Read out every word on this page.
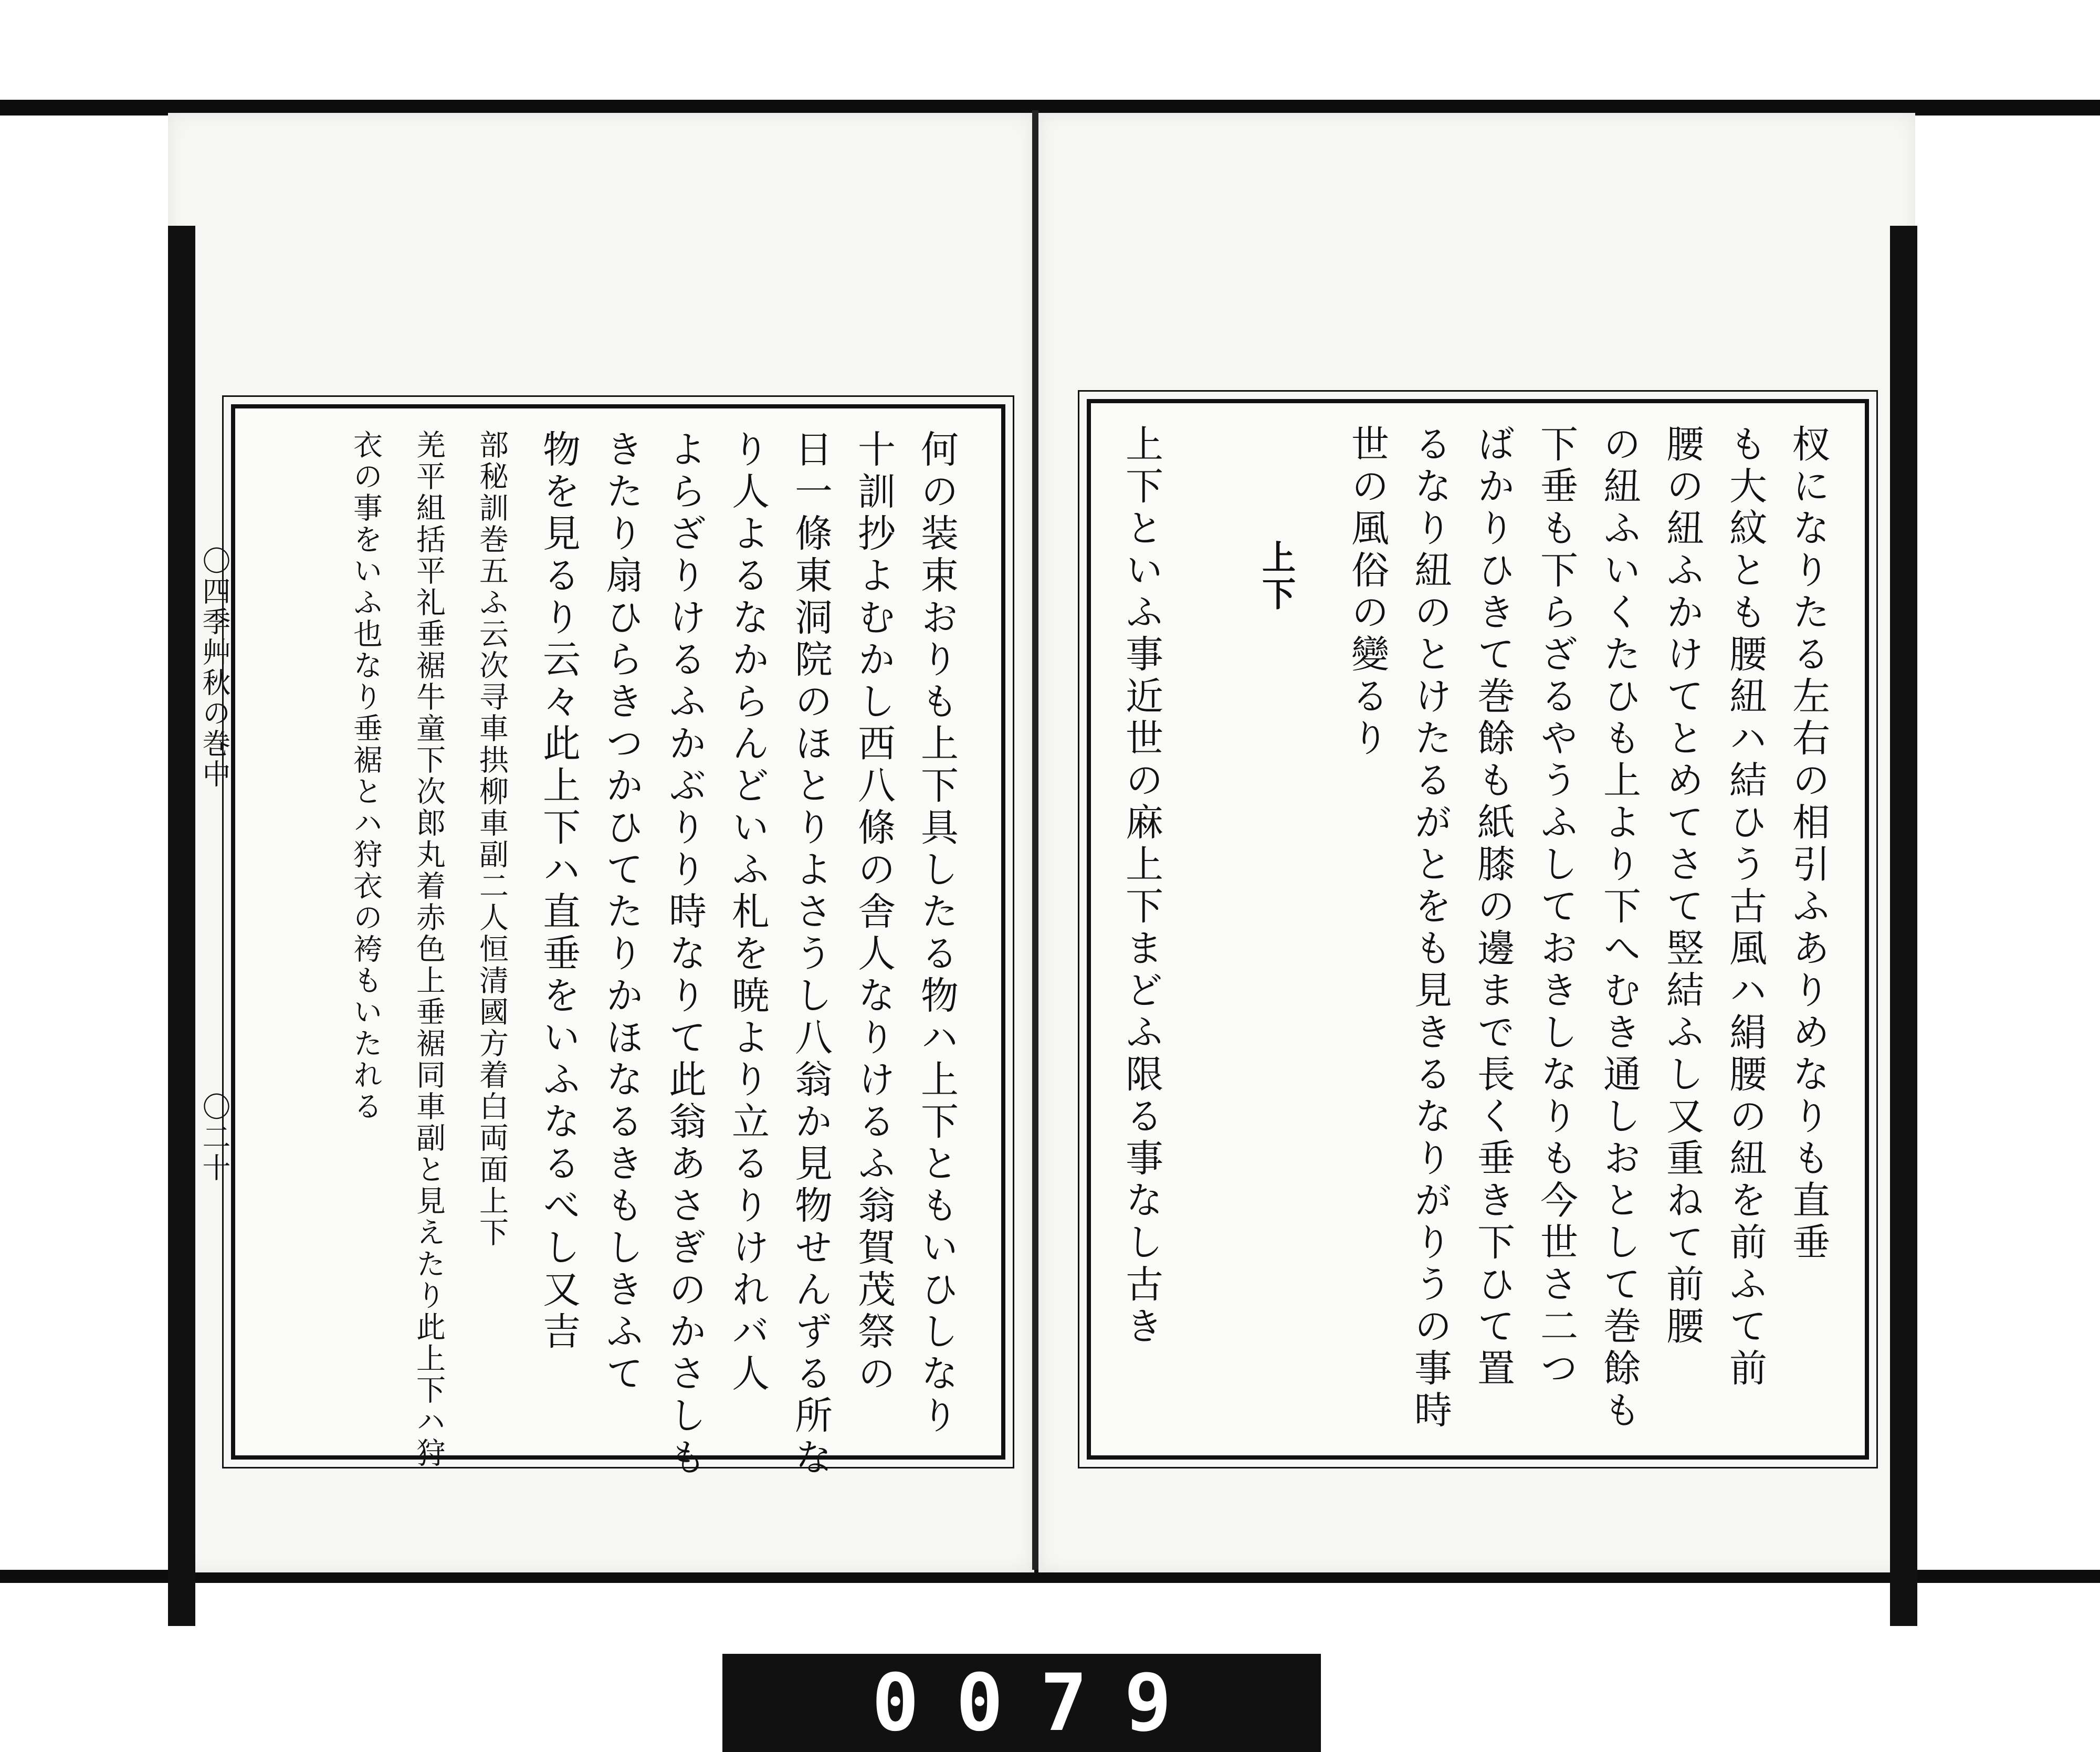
〇四季艸秋の巻中
〇二十	何の装束おりも上下具したる物ハ上下ともいひしなり
十訓抄よむかし西八條の舎人なりけるふ翁賀茂祭の
日一條東洞院のほとりよさうし八翁か見物せんずる所な
り人よるなからんどいふ札を暁より立るりけれバ人
よらざりけるふかぶりり時なりて此翁あさぎのかさしも
きたり扇ひらきつかひてたりかほなるきもしきふて
物を見るり云々此上下ハ直垂をいふなるべし又吉
部秘訓巻五ふ云次寻車拱柳車副二人恒清國方着白両面上下
羌平組括平礼垂裾牛童下次郎丸着赤色上垂裾同車副と見えたり此上下ハ狩
衣の事をいふ也なり垂裾とハ狩衣の袴もいたれる	杈になりたる左右の相引ふありめなりも直垂
も大紋とも腰紐ハ結ひう古風ハ絹腰の紐を前ふて前
腰の紐ふかけてとめてさて竪結ふし又重ねて前腰
の紐ふいくたひも上より下へむき通しおとして巻餘も
下垂も下らざるやうふしておきしなりも今世さ二つ
ばかりひきて巻餘も紙膝の邊まで長く垂き下ひて置
るなり紐のとけたるがとをも見きるなりがりうの事時
世の風俗の變るり
上下
上下といふ事近世の麻上下まどふ限る事なし古き
0079
